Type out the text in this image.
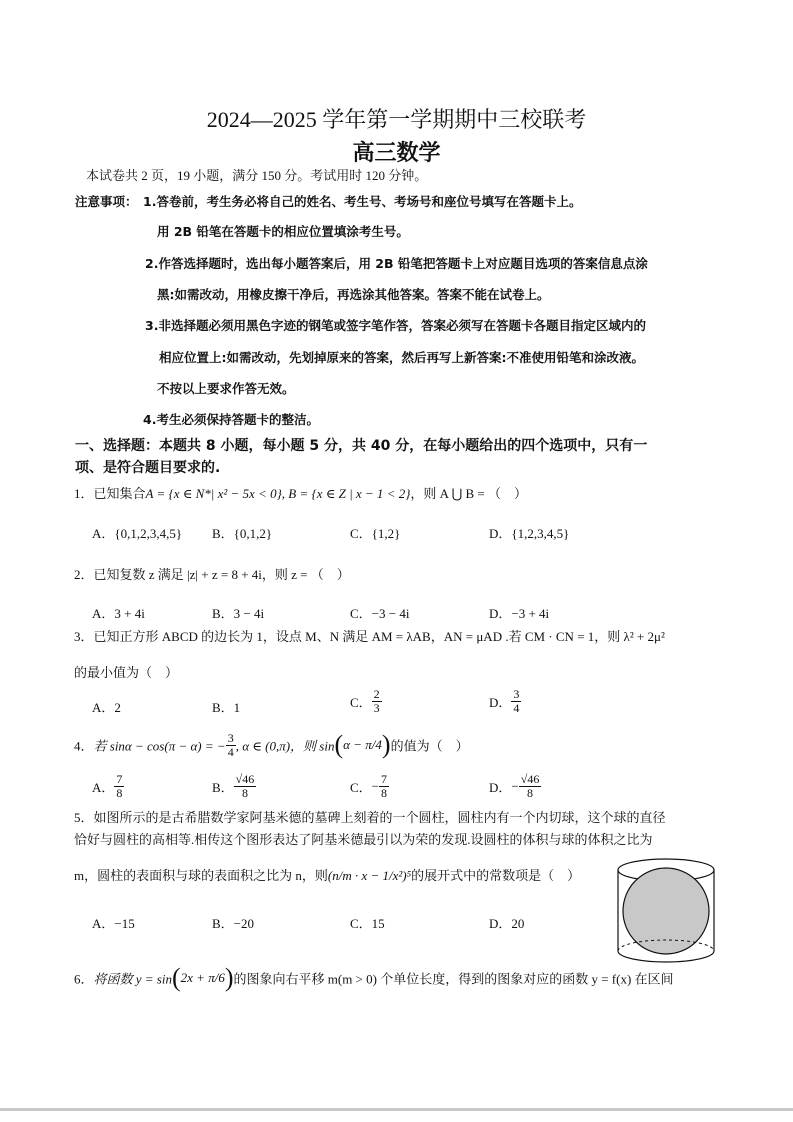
2024—2025 学年第一学期期中三校联考
高三数学
本试卷共 2 页，19 小题，满分 150 分。考试用时 120 分钟。
注意事项： 1.答卷前，考生务必将自己的姓名、考生号、考场号和座位号填写在答题卡上。
用 2B 铅笔在答题卡的相应位置填涂考生号。
2.作答选择题时，选出每小题答案后，用 2B 铅笔把答题卡上对应题目选项的答案信息点涂
黑:如需改动，用橡皮擦干净后，再选涂其他答案。答案不能在试卷上。
3.非选择题必须用黑色字迹的钢笔或签字笔作答，答案必须写在答题卡各题目指定区域内的
相应位置上:如需改动，先划掉原来的答案，然后再写上新答案:不准使用铅笔和涂改液。
不按以上要求作答无效。
4.考生必须保持答题卡的整洁。
一、选择题：本题共 8 小题，每小题 5 分，共 40 分，在每小题给出的四个选项中，只有一
项、是符合题目要求的.
1．已知集合A = {x ∈ N*| x² − 5x < 0}, B = {x ∈ Z | x − 1 < 2}，则 A ⋃ B = （　）
A．{0,1,2,3,4,5} B．{0,1,2}	C．{1,2}	D．{1,2,3,4,5}
2．已知复数 z 满足 |z| + z = 8 + 4i，则 z = （　）
A．3 + 4i	B．3 − 4i	C．−3 − 4i	D．−3 + 4i
3．已知正方形 ABCD 的边长为 1，设点 M、N 满足 AM = λAB，AN = μAD .若 CM · CN = 1，则 λ² + 2μ²
的最小值为（　）
A．2	B．1	C． $\frac{2}{3}$	D． $\frac{3}{4}$
4．若 sinα − cos(π − α) = − $\frac{3}{4}$ , α ∈ (0,π)，则 sin(α − π/4)的值为（　）
A． $\frac{7}{8}$	B． $\frac{√46}{8}$	C．− $\frac{7}{8}$	D．− $\frac{√46}{8}$
5．如图所示的是古希腊数学家阿基米德的墓碑上刻着的一个圆柱，圆柱内有一个内切球，这个球的直径
恰好与圆柱的高相等.相传这个图形表达了阿基米德最引以为荣的发现.设圆柱的体积与球的体积之比为
m，圆柱的表面积与球的表面积之比为 n，则(n/m · x − 1/x²)⁵的展开式中的常数项是（　）
A．−15	B．−20	C．15	D．20
6．将函数 y = sin(2x + π/6)的图象向右平移 m(m > 0) 个单位长度，得到的图象对应的函数 y = f(x) 在区间
